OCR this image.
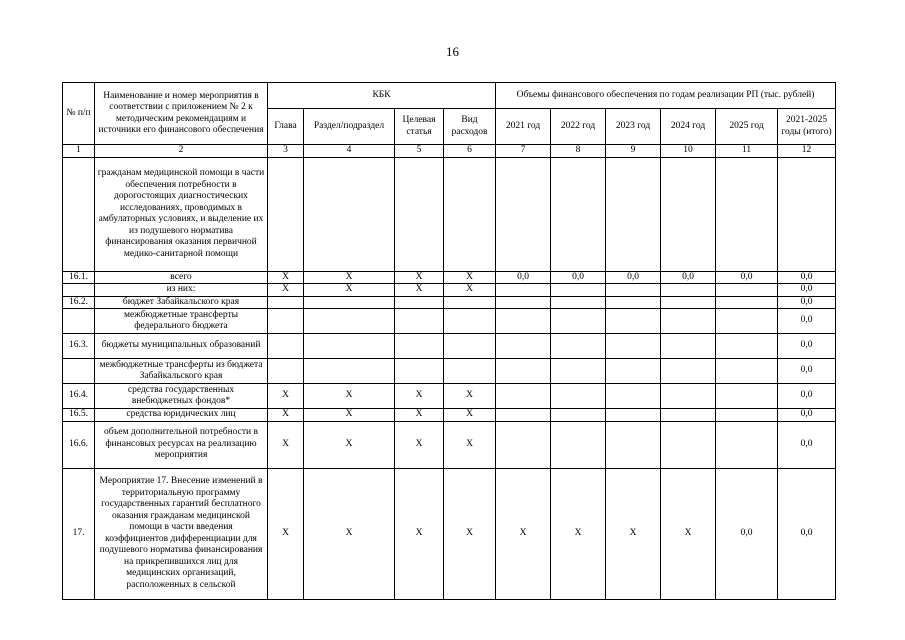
16
№ п/п	Наименование и номер мероприятия в соответствии с приложением № 2 к методическим рекомендациям и источники его финансового обеспечения	КБК				Объемы финансового обеспечения по годам реализации РП (тыс. рублей)					
		Глава	Раздел/подраздел	Целевая статья	Вид расходов	2021 год	2022 год	2023 год	2024 год	2025 год	2021-2025 годы (итого)
1	2	3	4	5	6	7	8	9	10	11	12
	гражданам медицинской помощи в части обеспечения потребности в дорогостоящих диагностических исследованиях, проводимых в амбулаторных условиях, и выделение их из подушевого норматива финансирования оказания первичной медико-санитарной помощи										
16.1.	всего	X	X	X	X	0,0	0,0	0,0	0,0	0,0	0,0
	из них:	X	X	X	X						0,0
16.2.	бюджет Забайкальского края										0,0
	межбюджетные трансферты федерального бюджета										0,0
16.3.	бюджеты муниципальных образований										0,0
	межбюджетные трансферты из бюджета Забайкальского края										0,0
16.4.	средства государственных внебюджетных фондов*	X	X	X	X						0,0
16.5.	средства юридических лиц	X	X	X	X						0,0
16.6.	объем дополнительной потребности в финансовых ресурсах на реализацию мероприятия	X	X	X	X						0,0
17.	Мероприятие 17. Внесение изменений в территориальную программу государственных гарантий бесплатного оказания гражданам медицинской помощи в части введения коэффициентов дифференциации для подушевого норматива финансирования на прикрепившихся лиц для медицинских организаций, расположенных в сельской	X	X	X	X	X	X	X	X	0,0	0,0
